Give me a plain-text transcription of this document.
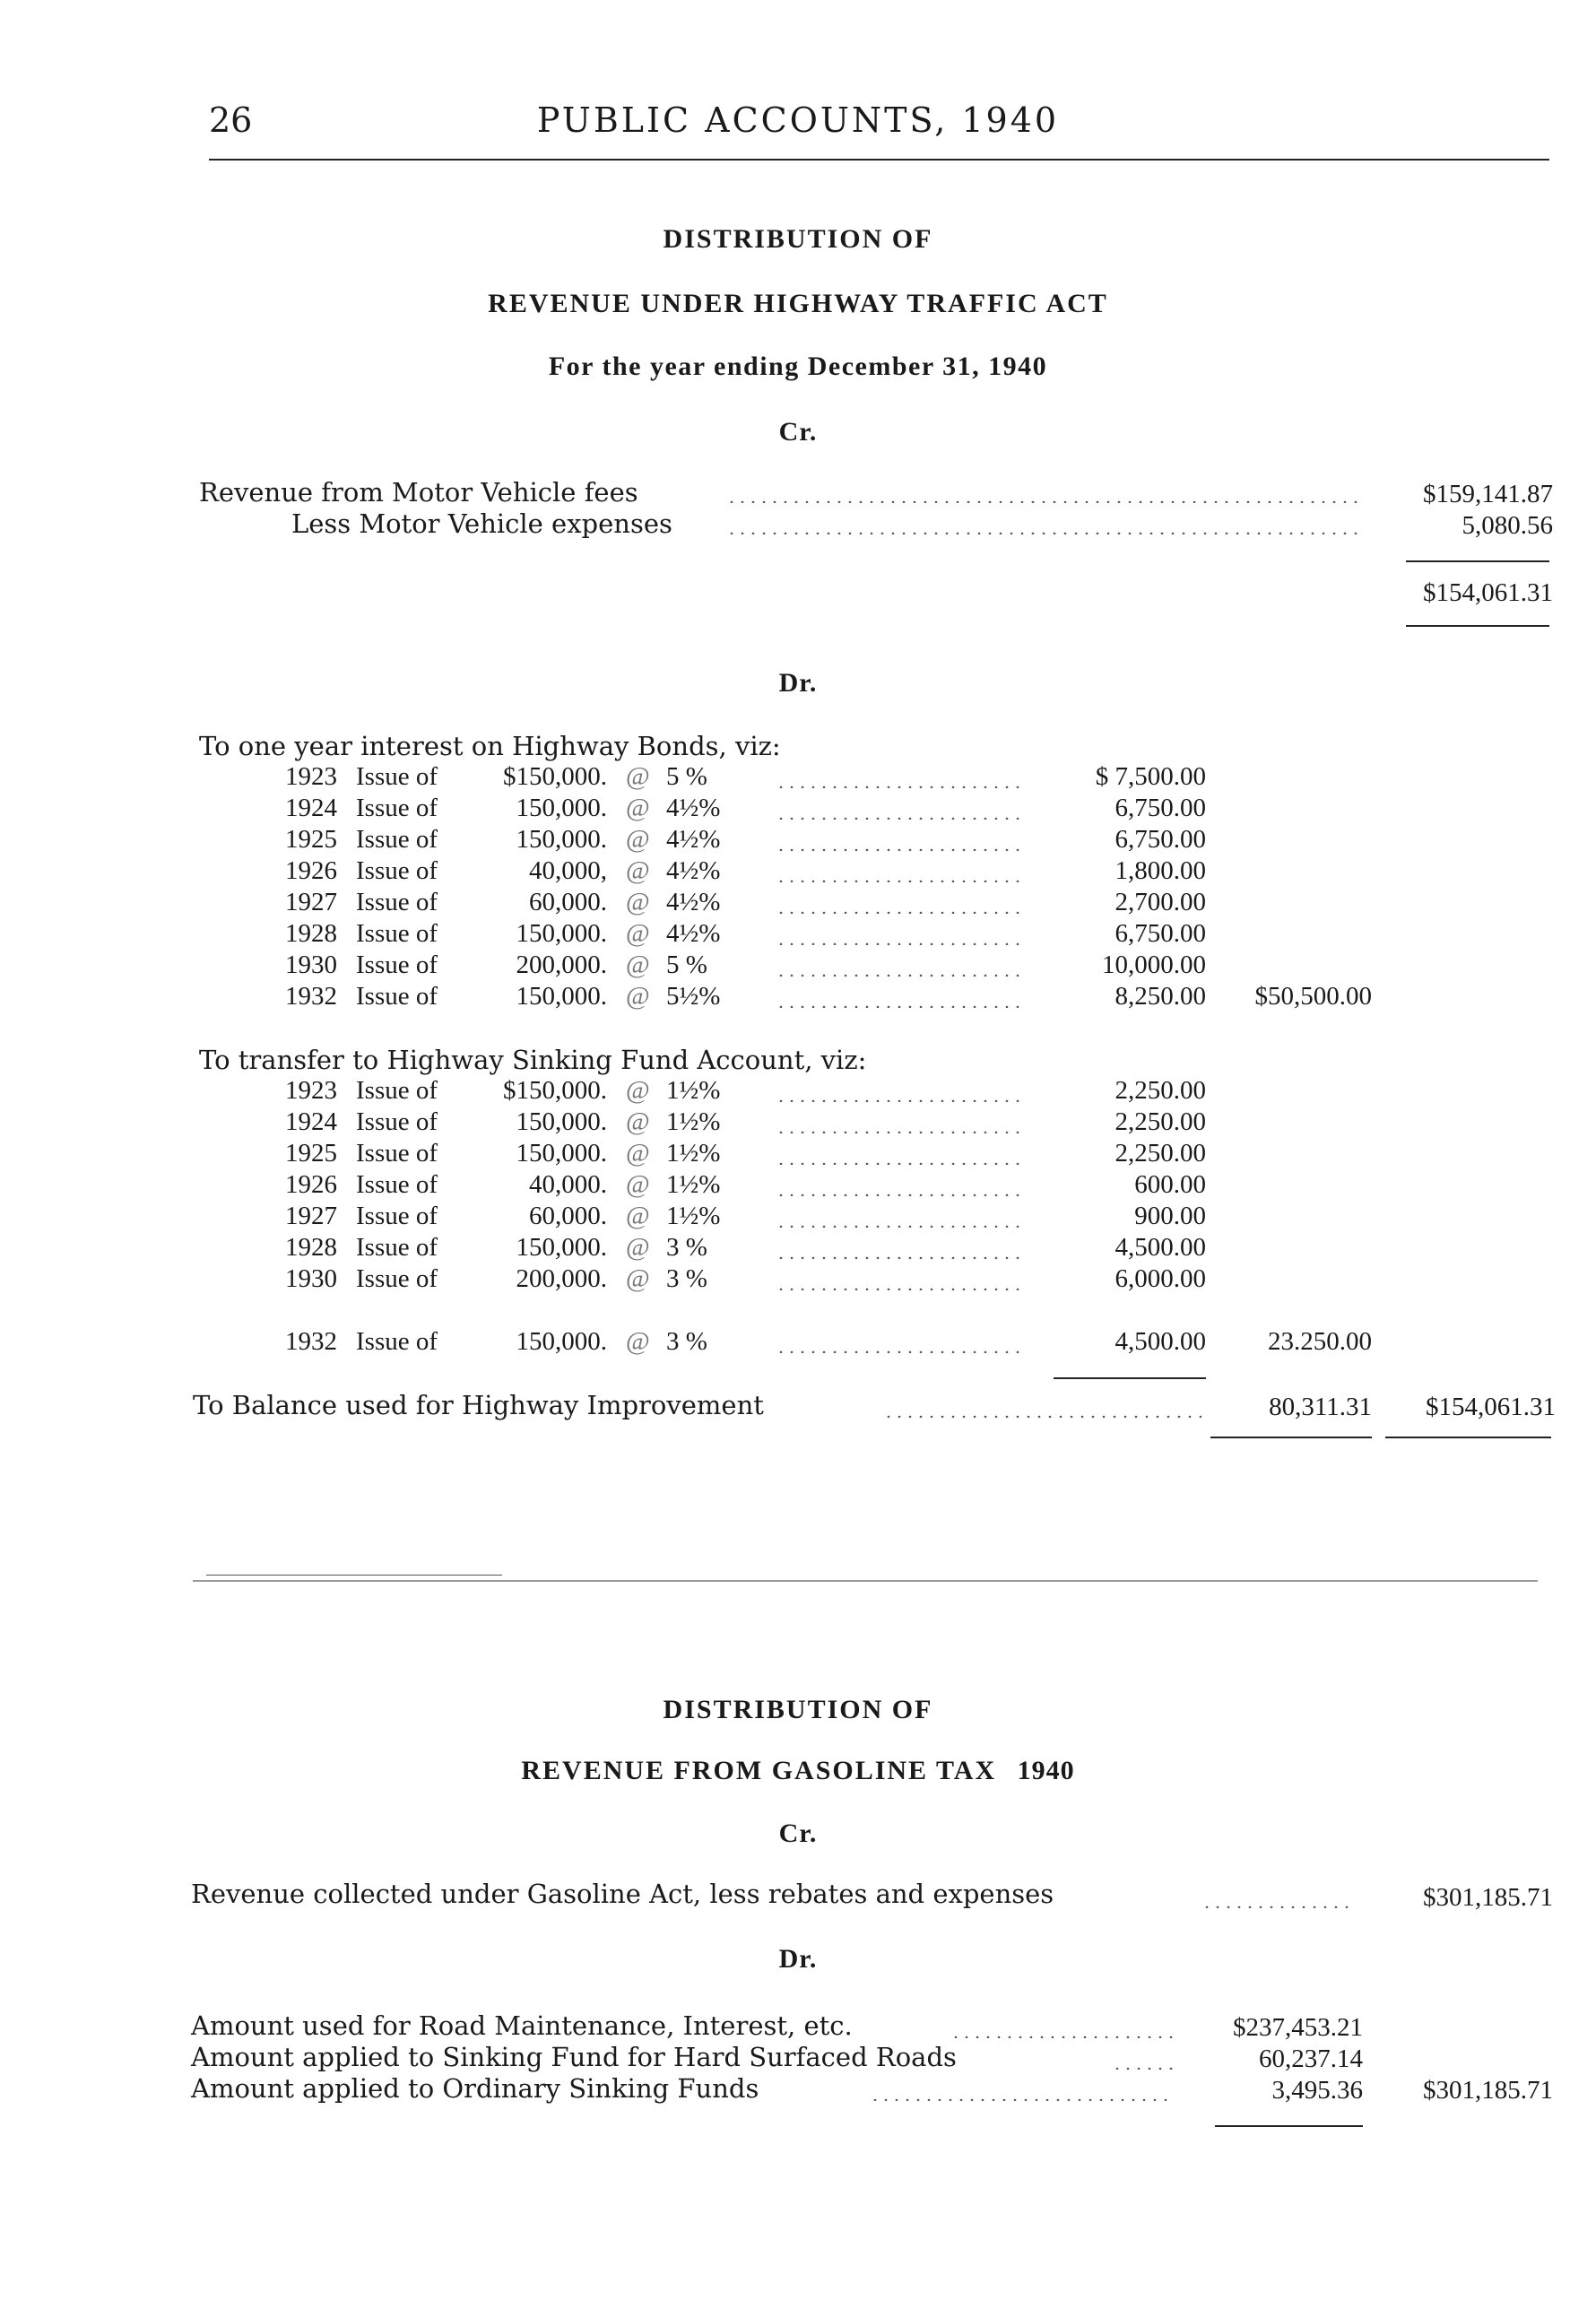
26	PUBLIC ACCOUNTS, 1940
DISTRIBUTION OF
REVENUE UNDER HIGHWAY TRAFFIC ACT
For the year ending December 31, 1940
Cr.
Revenue from Motor Vehicle fees	$159,141.87
Less Motor Vehicle expenses	5,080.56
$154,061.31
Dr.
To one year interest on Highway Bonds, viz:
1923 Issue of	$150,000. @ 5 %	$ 7,500.00
1924 Issue of	150,000. @ 4½%	6,750.00
1925 Issue of	150,000. @ 4½%	6,750.00
1926 Issue of	40,000, @ 4½%	1,800.00
1927 Issue of	60,000. @ 4½%	2,700.00
1928 Issue of	150,000. @ 4½%	6,750.00
1930 Issue of	200,000. @ 5 %	10,000.00
1932 Issue of	150,000. @ 5½%	8,250.00	$50,500.00
To transfer to Highway Sinking Fund Account, viz:
1923 Issue of	$150,000. @ 1½%	2,250.00
1924 Issue of	150,000. @ 1½%	2,250.00
1925 Issue of	150,000. @ 1½%	2,250.00
1926 Issue of	40,000. @ 1½%	600.00
1927 Issue of	60,000. @ 1½%	900.00
1928 Issue of	150,000. @ 3 %	4,500.00
1930 Issue of	200,000. @ 3 %	6,000.00
1932 Issue of	150,000. @ 3 %	4,500.00	23.250.00
To Balance used for Highway Improvement	80,311.31	$154,061.31
DISTRIBUTION OF
REVENUE FROM GASOLINE TAX 1940
Cr.
Revenue collected under Gasoline Act, less rebates and expenses	$301,185.71
Dr.
Amount used for Road Maintenance, Interest, etc.	$237,453.21
Amount applied to Sinking Fund for Hard Surfaced Roads	60,237.14
Amount applied to Ordinary Sinking Funds	3,495.36	$301,185.71
